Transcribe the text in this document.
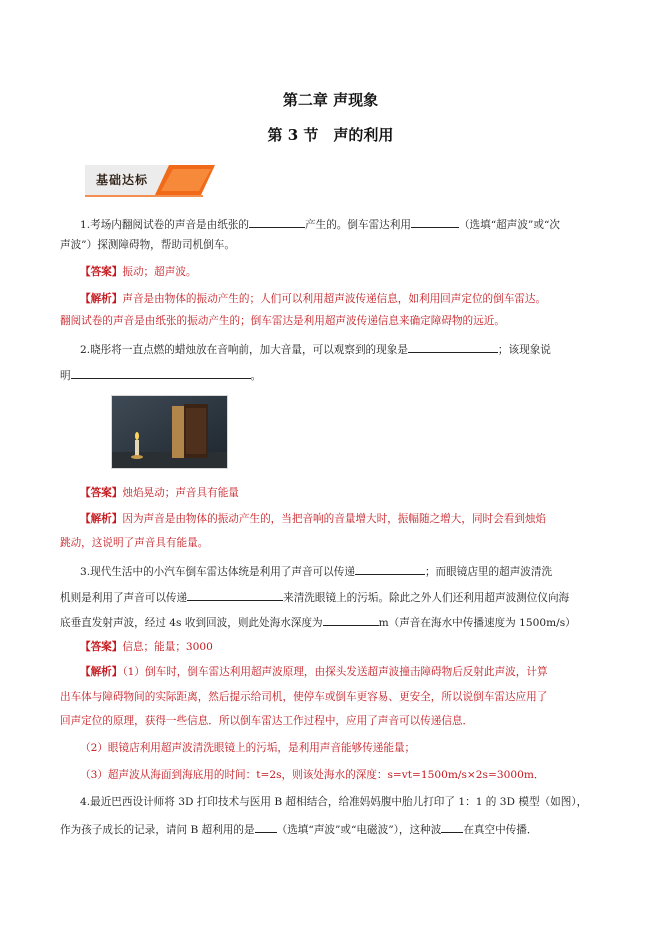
第二章 声现象
第 3 节　声的利用
基础达标
1.考场内翻阅试卷的声音是由纸张的	产生的。倒车雷达利用	（选填“超声波”或“次
声波”）探测障碍物，帮助司机倒车。
【答案】振动；超声波。
【解析】声音是由物体的振动产生的；人们可以利用超声波传递信息，如利用回声定位的倒车雷达。
翻阅试卷的声音是由纸张的振动产生的；倒车雷达是利用超声波传递信息来确定障碍物的远近。
2.晓彤将一直点燃的蜡烛放在音响前，加大音量，可以观察到的现象是	；该现象说
明	。
【答案】烛焰晃动；声音具有能量
【解析】因为声音是由物体的振动产生的，当把音响的音量增大时，振幅随之增大，同时会看到烛焰
跳动，这说明了声音具有能量。
3.现代生活中的小汽车倒车雷达体统是利用了声音可以传递	；而眼镜店里的超声波清洗
机则是利用了声音可以传递	来清洗眼镜上的污垢。除此之外人们还利用超声波测位仪向海
底垂直发射声波，经过 4s 收到回波，则此处海水深度为	m（声音在海水中传播速度为 1500m/s）
【答案】信息；能量；3000
【解析】（1）倒车时，倒车雷达利用超声波原理，由探头发送超声波撞击障碍物后反射此声波，计算
出车体与障碍物间的实际距离，然后提示给司机，使停车或倒车更容易、更安全，所以说倒车雷达应用了
回声定位的原理，获得一些信息．所以倒车雷达工作过程中，应用了声音可以传递信息．
（2）眼镜店利用超声波清洗眼镜上的污垢，是利用声音能够传递能量；
（3）超声波从海面到海底用的时间：t=2s，则该处海水的深度：s=vt=1500m/s×2s=3000m．
4.最近巴西设计师将 3D 打印技术与医用 B 超相结合，给准妈妈腹中胎儿打印了 1：1 的 3D 模型（如图），
作为孩子成长的记录，请问 B 超利用的是 （选填“声波”或“电磁波”），这种波 在真空中传播．
